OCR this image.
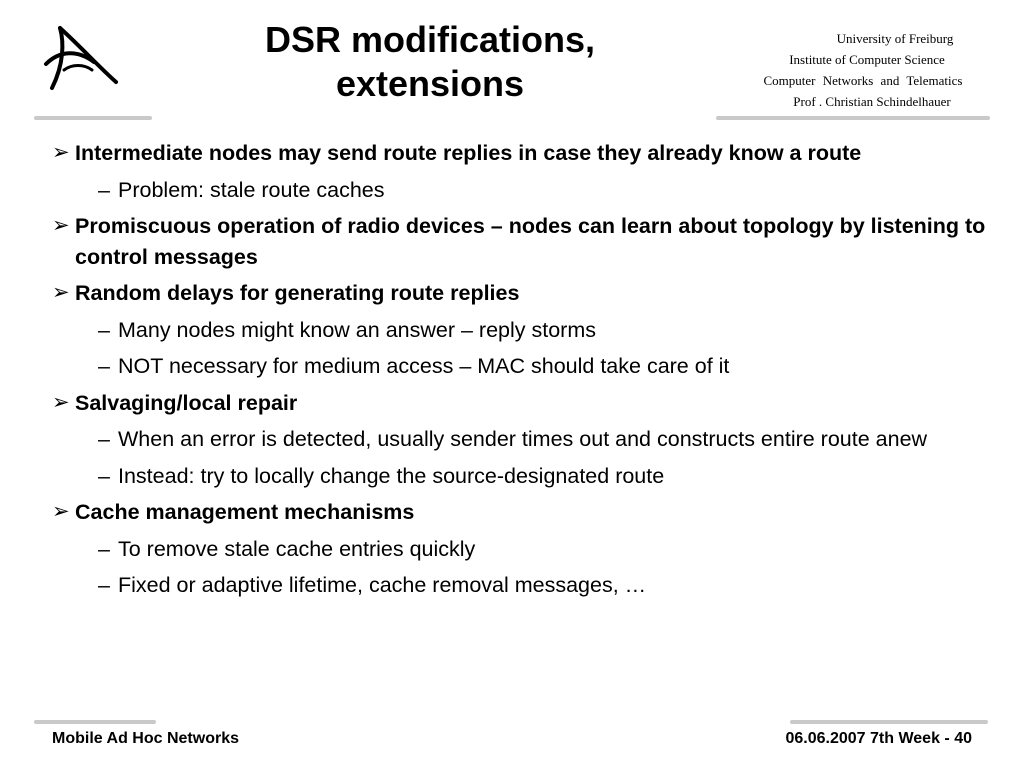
DSR modifications,
extensions
University of Freiburg
Institute of Computer Science
Computer Networks and Telematics
Prof . Christian Schindelhauer
➢ Intermediate nodes may send route replies in case they already know a route
– Problem: stale route caches
➢ Promiscuous operation of radio devices – nodes can learn about topology by listening to control messages
➢ Random delays for generating route replies
– Many nodes might know an answer – reply storms
– NOT necessary for medium access – MAC should take care of it
➢ Salvaging/local repair
– When an error is detected, usually sender times out and constructs entire route anew
– Instead: try to locally change the source-designated route
➢ Cache management mechanisms
– To remove stale cache entries quickly
– Fixed or adaptive lifetime, cache removal messages, …
Mobile Ad Hoc Networks	06.06.2007 7th Week - 40
